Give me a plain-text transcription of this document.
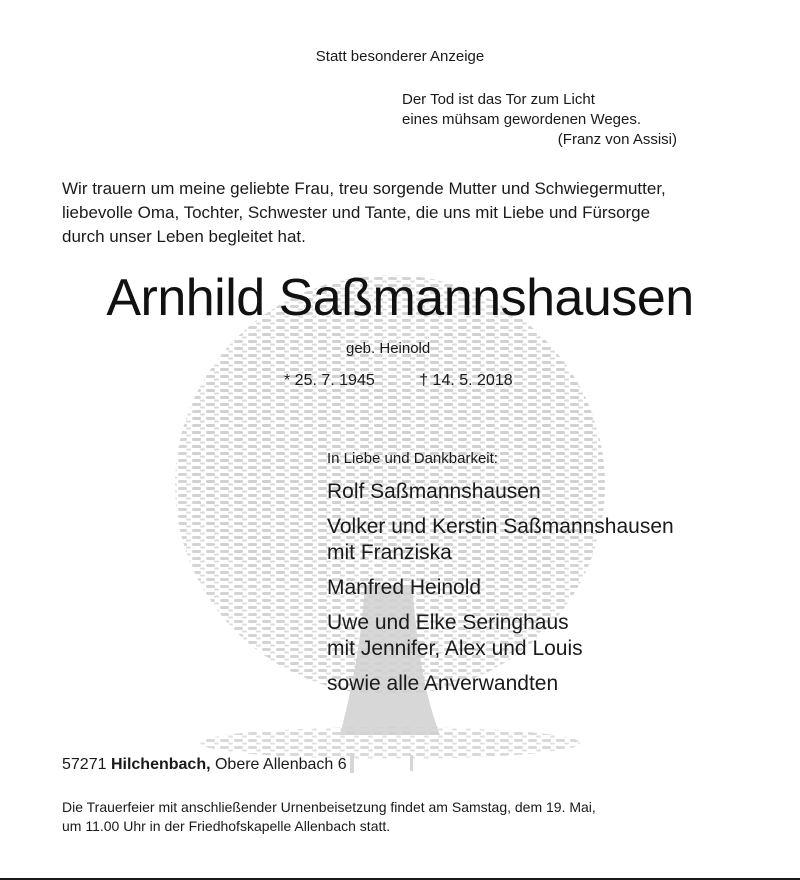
Statt besonderer Anzeige
Der Tod ist das Tor zum Licht
eines mühsam gewordenen Weges.
(Franz von Assisi)
Wir trauern um meine geliebte Frau, treu sorgende Mutter und Schwiegermutter,
liebevolle Oma, Tochter, Schwester und Tante, die uns mit Liebe und Fürsorge
durch unser Leben begleitet hat.
Arnhild Saßmannshausen
geb. Heinold
* 25. 7. 1945	† 14. 5. 2018
In Liebe und Dankbarkeit:
Rolf Saßmannshausen
Volker und Kerstin Saßmannshausen
mit Franziska
Manfred Heinold
Uwe und Elke Seringhaus
mit Jennifer, Alex und Louis
sowie alle Anverwandten
57271 Hilchenbach, Obere Allenbach 6
Die Trauerfeier mit anschließender Urnenbeisetzung findet am Samstag, dem 19. Mai,
um 11.00 Uhr in der Friedhofskapelle Allenbach statt.
